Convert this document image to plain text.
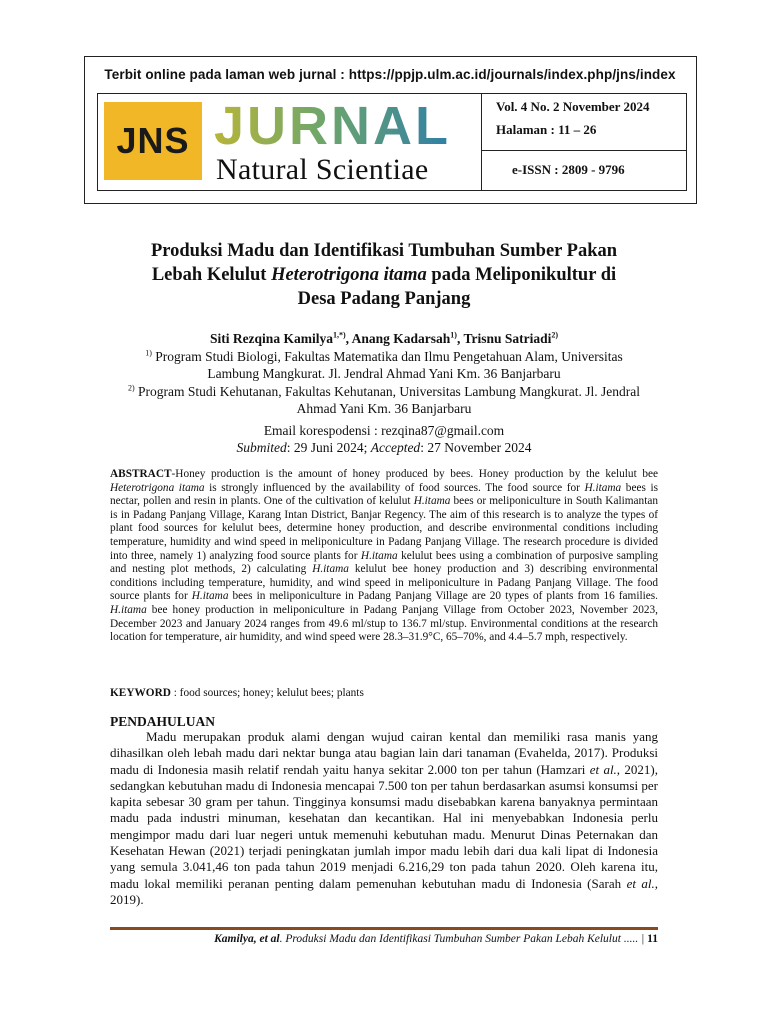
Terbit online pada laman web jurnal : https://ppjp.ulm.ac.id/journals/index.php/jns/index
JNS JURNAL
Natural Scientiae
Vol. 4 No. 2 November 2024
Halaman : 11 – 26
e-ISSN : 2809 - 9796
Produksi Madu dan Identifikasi Tumbuhan Sumber Pakan
Lebah Kelulut Heterotrigona itama pada Meliponikultur di
Desa Padang Panjang
Siti Rezqina Kamilya$^{1,*)}$, Anang Kadarsah$^{1)}$, Trisnu Satriadi$^{2)}$
$^{1)}$ Program Studi Biologi, Fakultas Matematika dan Ilmu Pengetahuan Alam, Universitas Lambung Mangkurat. Jl. Jendral Ahmad Yani Km. 36 Banjarbaru
$^{2)}$ Program Studi Kehutanan, Fakultas Kehutanan, Universitas Lambung Mangkurat. Jl. Jendral Ahmad Yani Km. 36 Banjarbaru
Email korespodensi : rezqina87@gmail.com
Submited: 29 Juni 2024; Accepted: 27 November 2024
ABSTRACT-Honey production is the amount of honey produced by bees. Honey production by the kelulut bee Heterotrigona itama is strongly influenced by the availability of food sources. The food source for H.itama bees is nectar, pollen and resin in plants. One of the cultivation of kelulut H.itama bees or meliponiculture in South Kalimantan is in Padang Panjang Village, Karang Intan District, Banjar Regency. The aim of this research is to analyze the types of plant food sources for kelulut bees, determine honey production, and describe environmental conditions including temperature, humidity and wind speed in meliponiculture in Padang Panjang Village. The research procedure is divided into three, namely 1) analyzing food source plants for H.itama kelulut bees using a combination of purposive sampling and nesting plot methods, 2) calculating H.itama kelulut bee honey production and 3) describing environmental conditions including temperature, humidity, and wind speed in meliponiculture in Padang Panjang Village. The food source plants for H.itama bees in meliponiculture in Padang Panjang Village are 20 types of plants from 16 families. H.itama bee honey production in meliponiculture in Padang Panjang Village from October 2023, November 2023, December 2023 and January 2024 ranges from 49.6 ml/stup to 136.7 ml/stup. Environmental conditions at the research location for temperature, air humidity, and wind speed were 28.3–31.9°C, 65–70%, and 4.4–5.7 mph, respectively.
KEYWORD : food sources; honey; kelulut bees; plants
PENDAHULUAN
Madu merupakan produk alami dengan wujud cairan kental dan memiliki rasa manis yang dihasilkan oleh lebah madu dari nektar bunga atau bagian lain dari tanaman (Evahelda, 2017). Produksi madu di Indonesia masih relatif rendah yaitu hanya sekitar 2.000 ton per tahun (Hamzari et al., 2021), sedangkan kebutuhan madu di Indonesia mencapai 7.500 ton per tahun berdasarkan asumsi konsumsi per kapita sebesar 30 gram per tahun. Tingginya konsumsi madu disebabkan karena banyaknya permintaan madu pada industri minuman, kesehatan dan kecantikan. Hal ini menyebabkan Indonesia perlu mengimpor madu dari luar negeri untuk memenuhi kebutuhan madu. Menurut Dinas Peternakan dan Kesehatan Hewan (2021) terjadi peningkatan jumlah impor madu lebih dari dua kali lipat di Indonesia yang semula 3.041,46 ton pada tahun 2019 menjadi 6.216,29 ton pada tahun 2020. Oleh karena itu, madu lokal memiliki peranan penting dalam pemenuhan kebutuhan madu di Indonesia (Sarah et al., 2019).
Kamilya, et al. Produksi Madu dan Identifikasi Tumbuhan Sumber Pakan Lebah Kelulut ..... | 11
